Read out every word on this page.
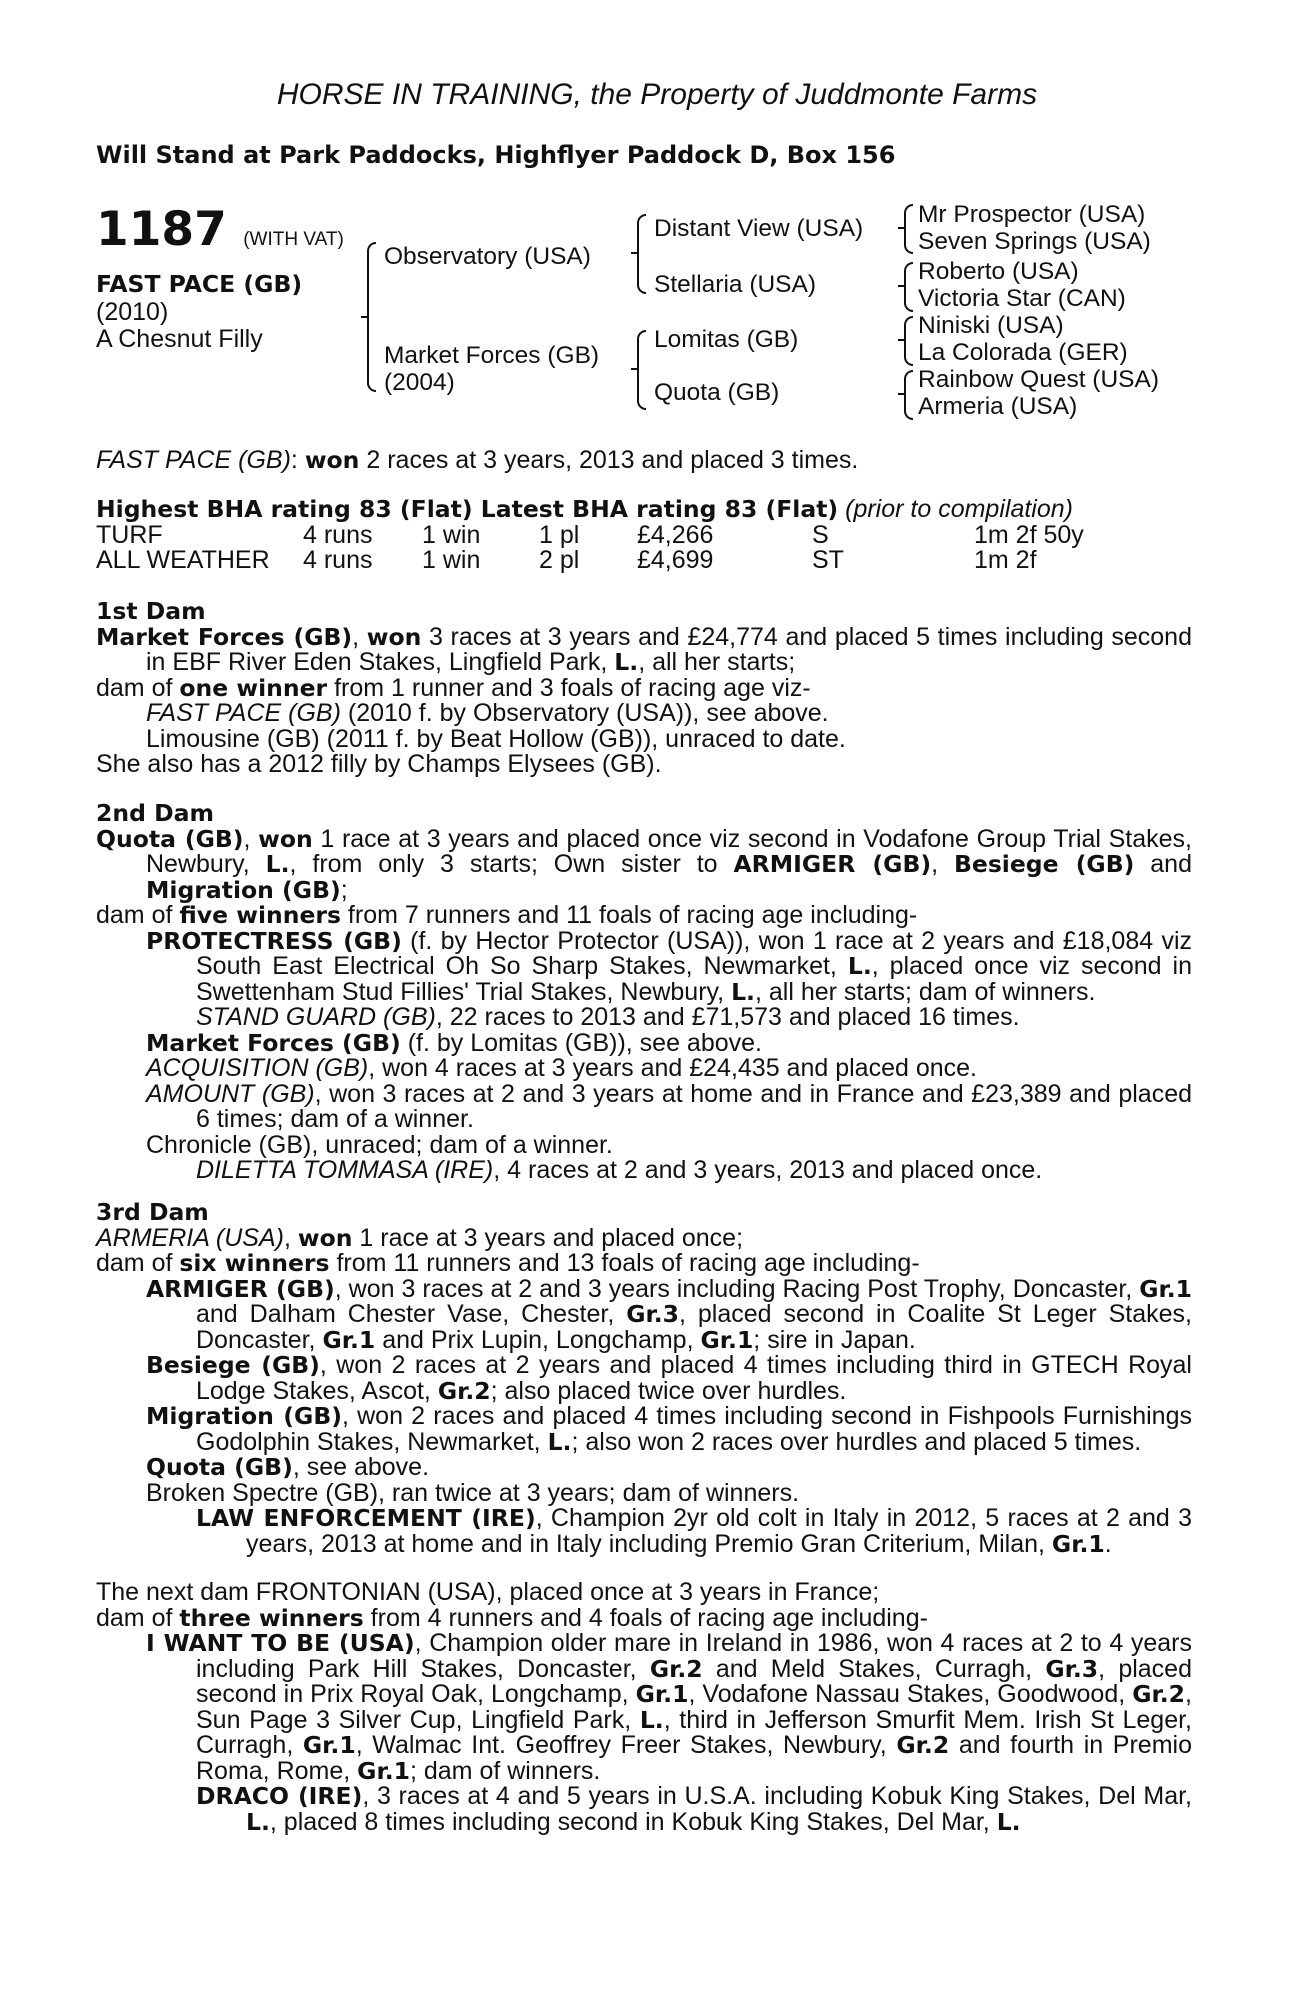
HORSE IN TRAINING, the Property of Juddmonte Farms
Will Stand at Park Paddocks, Highflyer Paddock D, Box 156
1187 (WITH VAT)
FAST PACE (GB)
(2010)
A Chesnut Filly
Observatory (USA)
Market Forces (GB)
(2004)
Distant View (USA)
Stellaria (USA)
Lomitas (GB)
Quota (GB)
Mr Prospector (USA)
Seven Springs (USA)
Roberto (USA)
Victoria Star (CAN)
Niniski (USA)
La Colorada (GER)
Rainbow Quest (USA)
Armeria (USA)

FAST PACE (GB): won 2 races at 3 years, 2013 and placed 3 times.

Highest BHA rating 83 (Flat) Latest BHA rating 83 (Flat) (prior to compilation)

TURF	4 runs 1 win 1 pl £4,266	S	1m 2f 50y
ALL WEATHER 4 runs 1 win 2 pl £4,699	ST	1m 2f

1st Dam

Market Forces (GB), won 3 races at 3 years and £24,774 and placed 5 times including second in EBF River Eden Stakes, Lingfield Park, L., all her starts;

dam of one winner from 1 runner and 3 foals of racing age viz-

FAST PACE (GB) (2010 f. by Observatory (USA)), see above.

Limousine (GB) (2011 f. by Beat Hollow (GB)), unraced to date.

She also has a 2012 filly by Champs Elysees (GB).

2nd Dam

Quota (GB), won 1 race at 3 years and placed once viz second in Vodafone Group Trial Stakes, Newbury, L., from only 3 starts; Own sister to ARMIGER (GB), Besiege (GB) and Migration (GB);

dam of five winners from 7 runners and 11 foals of racing age including-

PROTECTRESS (GB) (f. by Hector Protector (USA)), won 1 race at 2 years and £18,084 viz South East Electrical Oh So Sharp Stakes, Newmarket, L., placed once viz second in Swettenham Stud Fillies' Trial Stakes, Newbury, L., all her starts; dam of winners.

STAND GUARD (GB), 22 races to 2013 and £71,573 and placed 16 times.

Market Forces (GB) (f. by Lomitas (GB)), see above.

ACQUISITION (GB), won 4 races at 3 years and £24,435 and placed once.

AMOUNT (GB), won 3 races at 2 and 3 years at home and in France and £23,389 and placed 6 times; dam of a winner.

Chronicle (GB), unraced; dam of a winner.

DILETTA TOMMASA (IRE), 4 races at 2 and 3 years, 2013 and placed once.

3rd Dam

ARMERIA (USA), won 1 race at 3 years and placed once;

dam of six winners from 11 runners and 13 foals of racing age including-

ARMIGER (GB), won 3 races at 2 and 3 years including Racing Post Trophy, Doncaster, Gr.1 and Dalham Chester Vase, Chester, Gr.3, placed second in Coalite St Leger Stakes, Doncaster, Gr.1 and Prix Lupin, Longchamp, Gr.1; sire in Japan.

Besiege (GB), won 2 races at 2 years and placed 4 times including third in GTECH Royal Lodge Stakes, Ascot, Gr.2; also placed twice over hurdles.

Migration (GB), won 2 races and placed 4 times including second in Fishpools Furnishings Godolphin Stakes, Newmarket, L.; also won 2 races over hurdles and placed 5 times.

Quota (GB), see above.

Broken Spectre (GB), ran twice at 3 years; dam of winners.

LAW ENFORCEMENT (IRE), Champion 2yr old colt in Italy in 2012, 5 races at 2 and 3 years, 2013 at home and in Italy including Premio Gran Criterium, Milan, Gr.1.

The next dam FRONTONIAN (USA), placed once at 3 years in France;

dam of three winners from 4 runners and 4 foals of racing age including-

I WANT TO BE (USA), Champion older mare in Ireland in 1986, won 4 races at 2 to 4 years including Park Hill Stakes, Doncaster, Gr.2 and Meld Stakes, Curragh, Gr.3, placed second in Prix Royal Oak, Longchamp, Gr.1, Vodafone Nassau Stakes, Goodwood, Gr.2, Sun Page 3 Silver Cup, Lingfield Park, L., third in Jefferson Smurfit Mem. Irish St Leger, Curragh, Gr.1, Walmac Int. Geoffrey Freer Stakes, Newbury, Gr.2 and fourth in Premio Roma, Rome, Gr.1; dam of winners.

DRACO (IRE), 3 races at 4 and 5 years in U.S.A. including Kobuk King Stakes, Del Mar, L., placed 8 times including second in Kobuk King Stakes, Del Mar, L.
